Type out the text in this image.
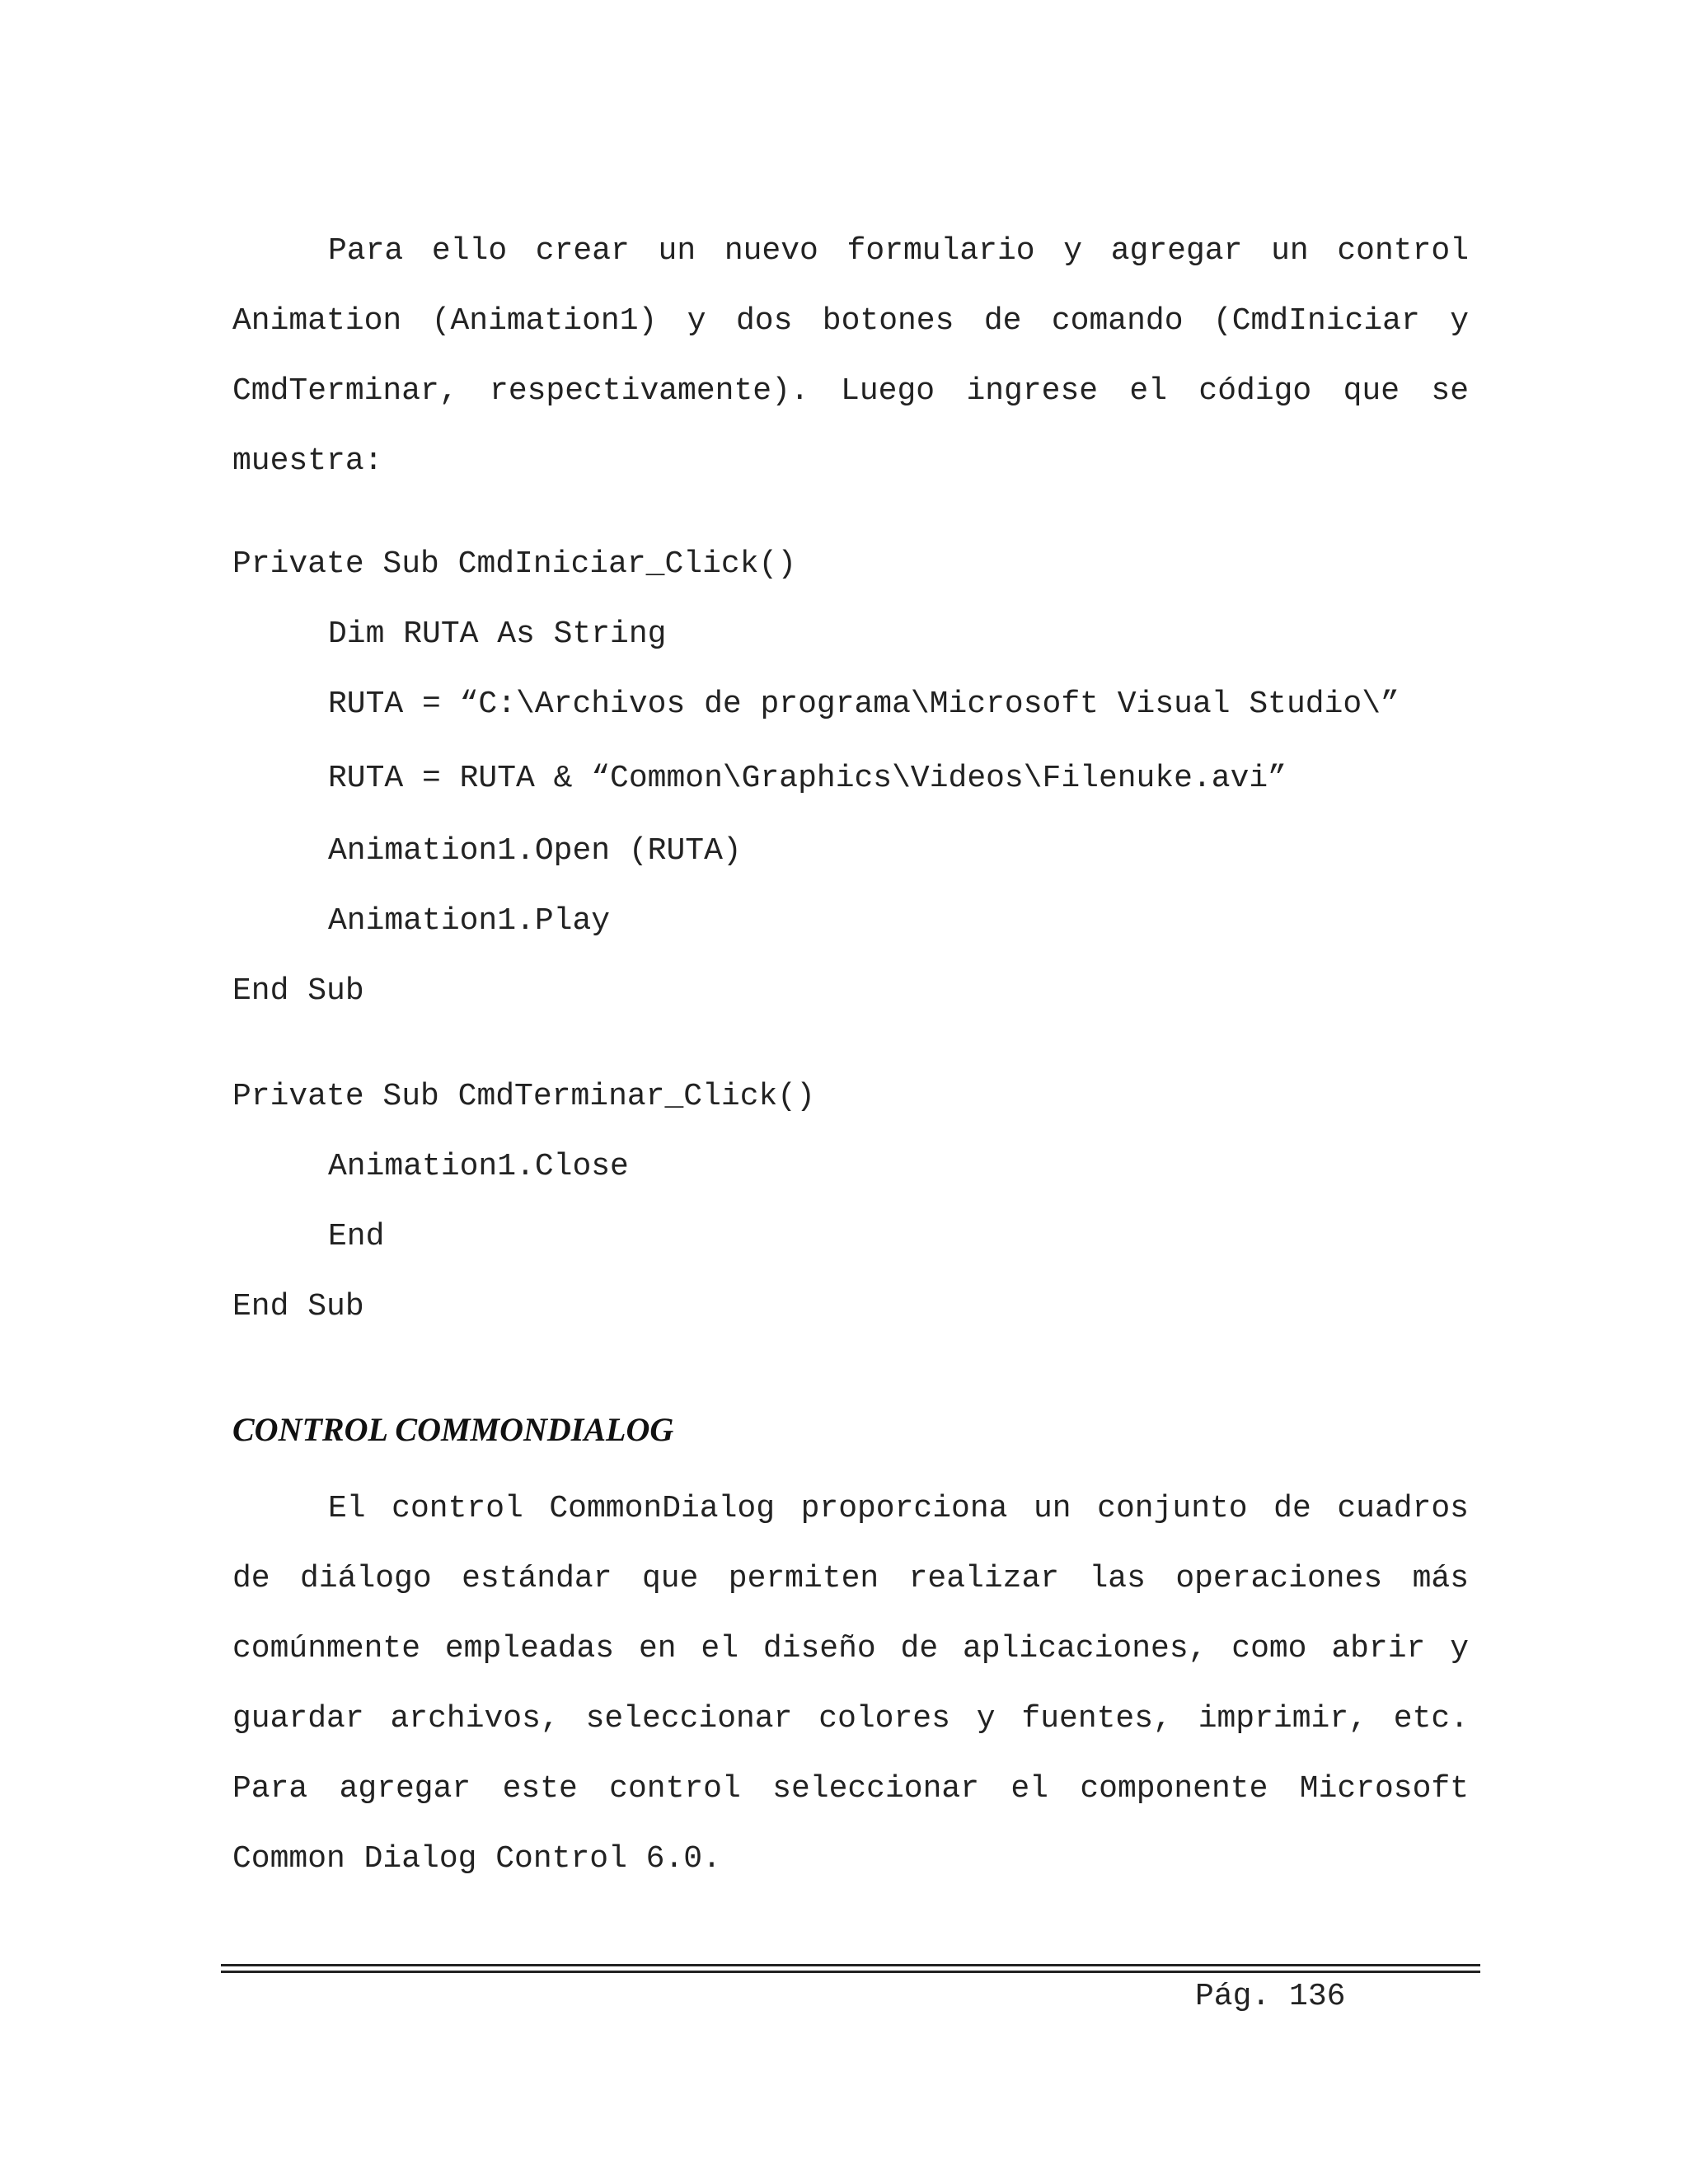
Para ello crear un nuevo formulario y agregar un control Animation (Animation1) y dos botones de comando (CmdIniciar y CmdTerminar, respectivamente). Luego ingrese el código que se muestra:

Private Sub CmdIniciar_Click()
Dim RUTA As String
RUTA = “C:\Archivos de programa\Microsoft Visual Studio\”
RUTA = RUTA & “Common\Graphics\Videos\Filenuke.avi”
Animation1.Open (RUTA)
Animation1.Play
End Sub
Private Sub CmdTerminar_Click()
Animation1.Close
End
End Sub
CONTROL COMMONDIALOG

El control CommonDialog proporciona un conjunto de cuadros de diálogo estándar que permiten realizar las operaciones más comúnmente empleadas en el diseño de aplicaciones, como abrir y guardar archivos, seleccionar colores y fuentes, imprimir, etc. Para agregar este control seleccionar el componente Microsoft Common Dialog Control 6.0.

Pág. 136
